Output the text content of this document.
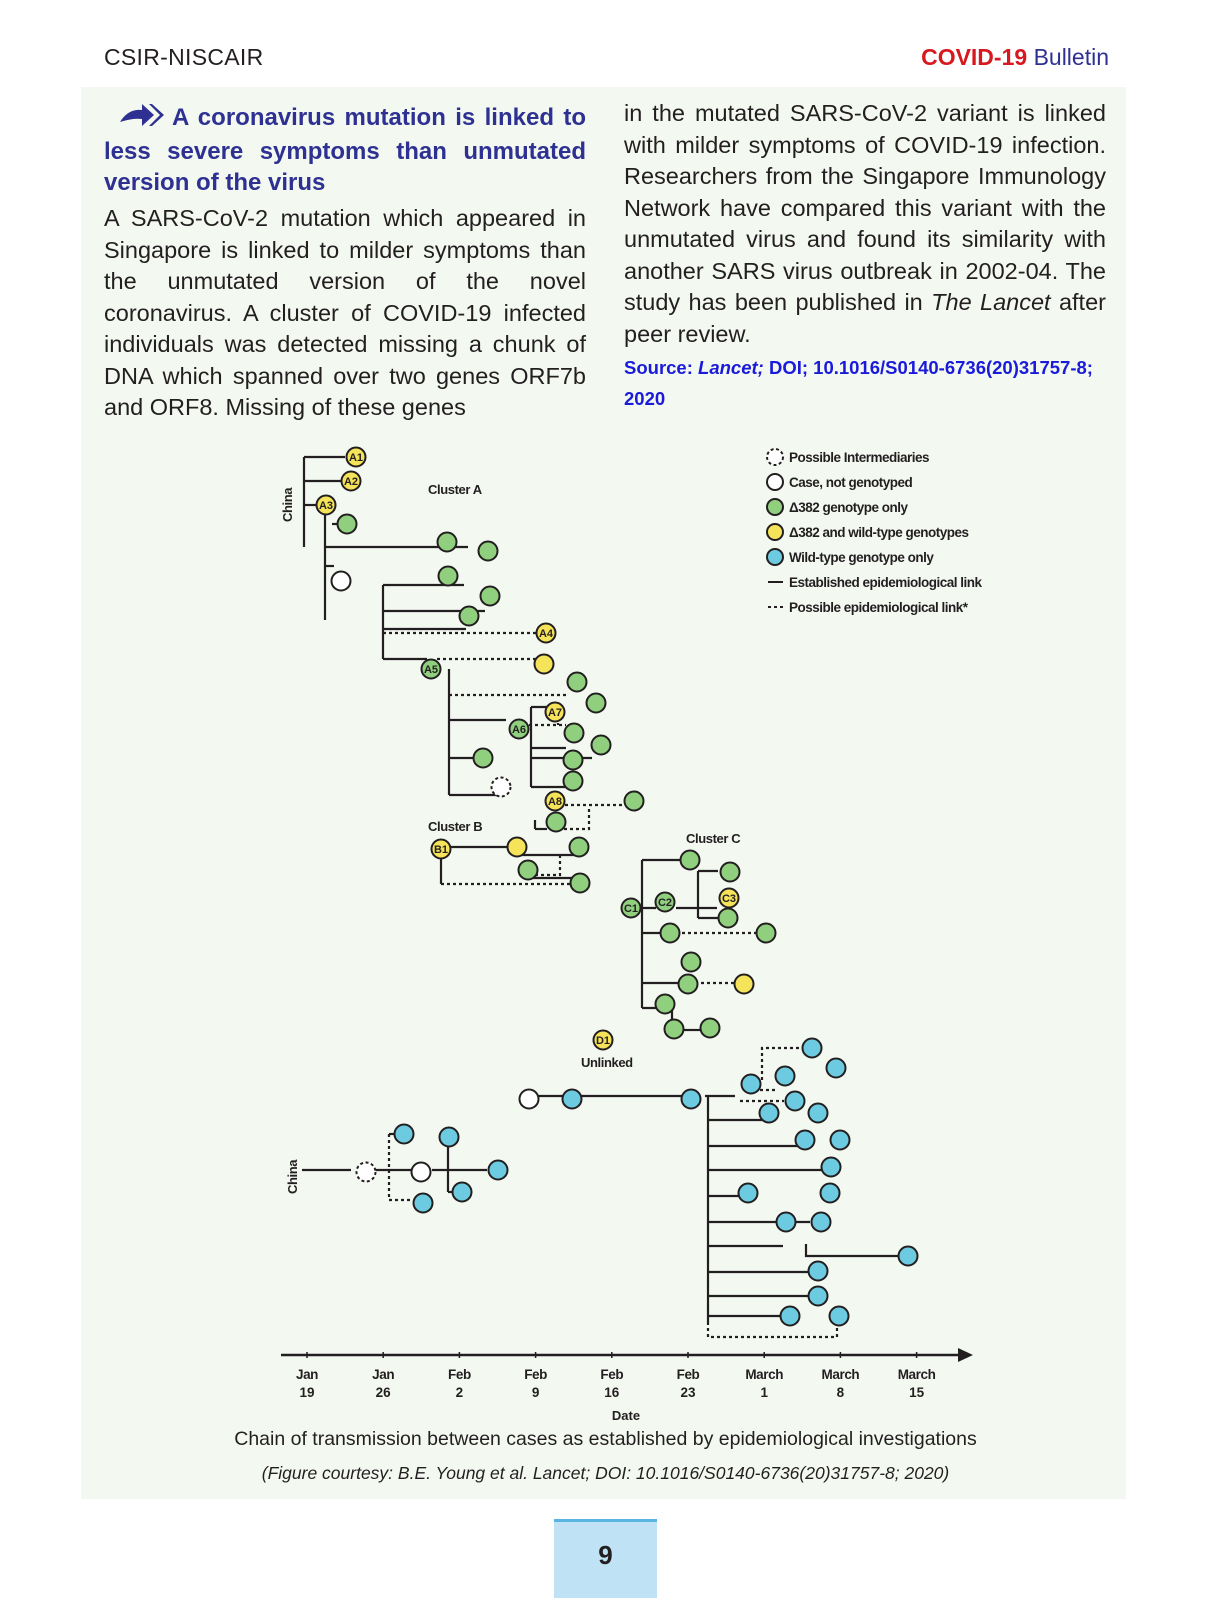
CSIR-NISCAIR	COVID-19 Bulletin
A coronavirus mutation is linked to less severe symptoms than unmutated version of the virus

A SARS-CoV-2 mutation which appeared in Singapore is linked to milder symptoms than the unmutated version of the novel coronavirus. A cluster of COVID-19 infected individuals was detected missing a chunk of DNA which spanned over two genes ORF7b and ORF8. Missing of these genes

in the mutated SARS-CoV-2 variant is linked with milder symptoms of COVID-19 infection. Researchers from the Singapore Immunology Network have compared this variant with the unmutated virus and found its similarity with another SARS virus outbreak in 2002-04. The study has been published in The Lancet after peer review.

Source: Lancet; DOI; 10.1016/S0140-6736(20)31757-8; 2020
A1
A2
A3
A4
A5
A7
A6
A8
B1
C1 C2	C3
D1
Possible Intermediaries
Case, not genotyped
Δ382 genotype only
Δ382 and wild-type genotypes
Wild-type genotype only
Established epidemiological link
Possible epidemiological link*
Cluster A
Cluster B
Cluster C
Unlinked
China
China
Jan
19
Jan
26
Feb
2
Feb
9
Feb
16
Feb
23
March
1
March
8
March
15
Date
Chain of transmission between cases as established by epidemiological investigations
(Figure courtesy: B.E. Young et al. Lancet; DOI: 10.1016/S0140-6736(20)31757-8; 2020)
9
